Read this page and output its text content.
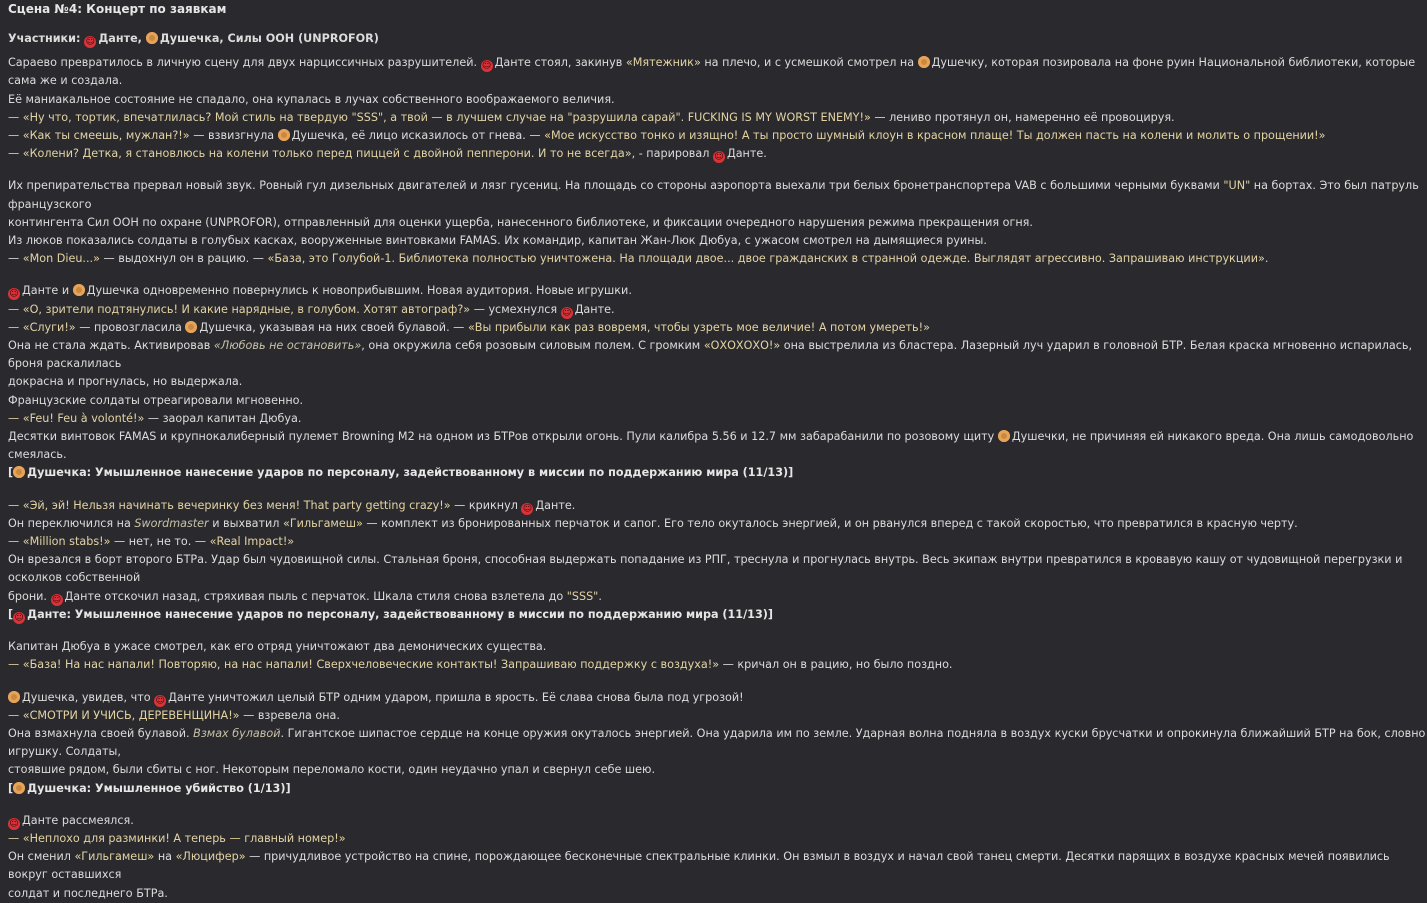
Сцена №4: Концерт по заявкам
Участники: ☺Данте, Душечка, Силы ООН (UNPROFOR)

Сараево превратилось в личную сцену для двух нарциссичных разрушителей. ☺Данте стоял, закинув «Мятежник» на плечо, и с усмешкой смотрел на Душечку, которая позировала на фоне руин Национальной библиотеки, которые сама же и создала.

Её маниакальное состояние не спадало, она купалась в лучах собственного воображаемого величия.

— «Ну что, тортик, впечатлилась? Мой стиль на твердую "SSS", а твой — в лучшем случае на "разрушила сарай". FUCKING IS MY WORST ENEMY!» — лениво протянул он, намеренно её провоцируя.

— «Как ты смеешь, мужлан?!» — взвизгнула Душечка, её лицо исказилось от гнева. — «Мое искусство тонко и изящно! А ты просто шумный клоун в красном плаще! Ты должен пасть на колени и молить о прощении!»

— «Колени? Детка, я становлюсь на колени только перед пиццей с двойной пепперони. И то не всегда», - парировал ☺Данте.

Их препирательства прервал новый звук. Ровный гул дизельных двигателей и лязг гусениц. На площадь со стороны аэропорта выехали три белых бронетранспортера VAB с большими черными буквами "UN" на бортах. Это был патруль французского

контингента Сил ООН по охране (UNPROFOR), отправленный для оценки ущерба, нанесенного библиотеке, и фиксации очередного нарушения режима прекращения огня.

Из люков показались солдаты в голубых касках, вооруженные винтовками FAMAS. Их командир, капитан Жан-Люк Дюбуа, с ужасом смотрел на дымящиеся руины.

— «Mon Dieu...» — выдохнул он в рацию. — «База, это Голубой-1. Библиотека полностью уничтожена. На площади двое... двое гражданских в странной одежде. Выглядят агрессивно. Запрашиваю инструкции».

☺Данте и Душечка одновременно повернулись к новоприбывшим. Новая аудитория. Новые игрушки.

— «О, зрители подтянулись! И какие нарядные, в голубом. Хотят автограф?» — усмехнулся ☺Данте.

— «Слуги!» — провозгласила Душечка, указывая на них своей булавой. — «Вы прибыли как раз вовремя, чтобы узреть мое величие! А потом умереть!»

Она не стала ждать. Активировав «Любовь не остановить», она окружила себя розовым силовым полем. С громким «ОХОХОХО!» она выстрелила из бластера. Лазерный луч ударил в головной БТР. Белая краска мгновенно испарилась, броня раскалилась

докрасна и прогнулась, но выдержала.

Французские солдаты отреагировали мгновенно.

— «Feu! Feu à volonté!» — заорал капитан Дюбуа.

Десятки винтовок FAMAS и крупнокалиберный пулемет Browning M2 на одном из БТРов открыли огонь. Пули калибра 5.56 и 12.7 мм забарабанили по розовому щиту Душечки, не причиняя ей никакого вреда. Она лишь самодовольно смеялась.

[ Душечка: Умышленное нанесение ударов по персоналу, задействованному в миссии по поддержанию мира (11/13)]

— «Эй, эй! Нельзя начинать вечеринку без меня! That party getting crazy!» — крикнул ☺Данте.

Он переключился на Swordmaster и выхватил «Гильгамеш» — комплект из бронированных перчаток и сапог. Его тело окуталось энергией, и он рванулся вперед с такой скоростью, что превратился в красную черту.

— «Million stabs!» — нет, не то. — «Real Impact!»

Он врезался в борт второго БТРа. Удар был чудовищной силы. Стальная броня, способная выдержать попадание из РПГ, треснула и прогнулась внутрь. Весь экипаж внутри превратился в кровавую кашу от чудовищной перегрузки и осколков собственной

брони. ☺Данте отскочил назад, стряхивая пыль с перчаток. Шкала стиля снова взлетела до "SSS".

[☺ Данте: Умышленное нанесение ударов по персоналу, задействованному в миссии по поддержанию мира (11/13)]

Капитан Дюбуа в ужасе смотрел, как его отряд уничтожают два демонических существа.

— «База! На нас напали! Повторяю, на нас напали! Сверхчеловеческие контакты! Запрашиваю поддержку с воздуха!» — кричал он в рацию, но было поздно.

Душечка, увидев, что ☺Данте уничтожил целый БТР одним ударом, пришла в ярость. Её слава снова была под угрозой!

— «СМОТРИ И УЧИСЬ, ДЕРЕВЕНЩИНА!» — взревела она.

Она взмахнула своей булавой. Взмах булавой. Гигантское шипастое сердце на конце оружия окуталось энергией. Она ударила им по земле. Ударная волна подняла в воздух куски брусчатки и опрокинула ближайший БТР на бок, словно игрушку. Солдаты,

стоявшие рядом, были сбиты с ног. Некоторым переломало кости, один неудачно упал и свернул себе шею.

[ Душечка: Умышленное убийство (1/13)]

☺Данте рассмеялся.

— «Неплохо для разминки! А теперь — главный номер!»

Он сменил «Гильгамеш» на «Люцифер» — причудливое устройство на спине, порождающее бесконечные спектральные клинки. Он взмыл в воздух и начал свой танец смерти. Десятки парящих в воздухе красных мечей появились вокруг оставшихся

солдат и последнего БТРа.
